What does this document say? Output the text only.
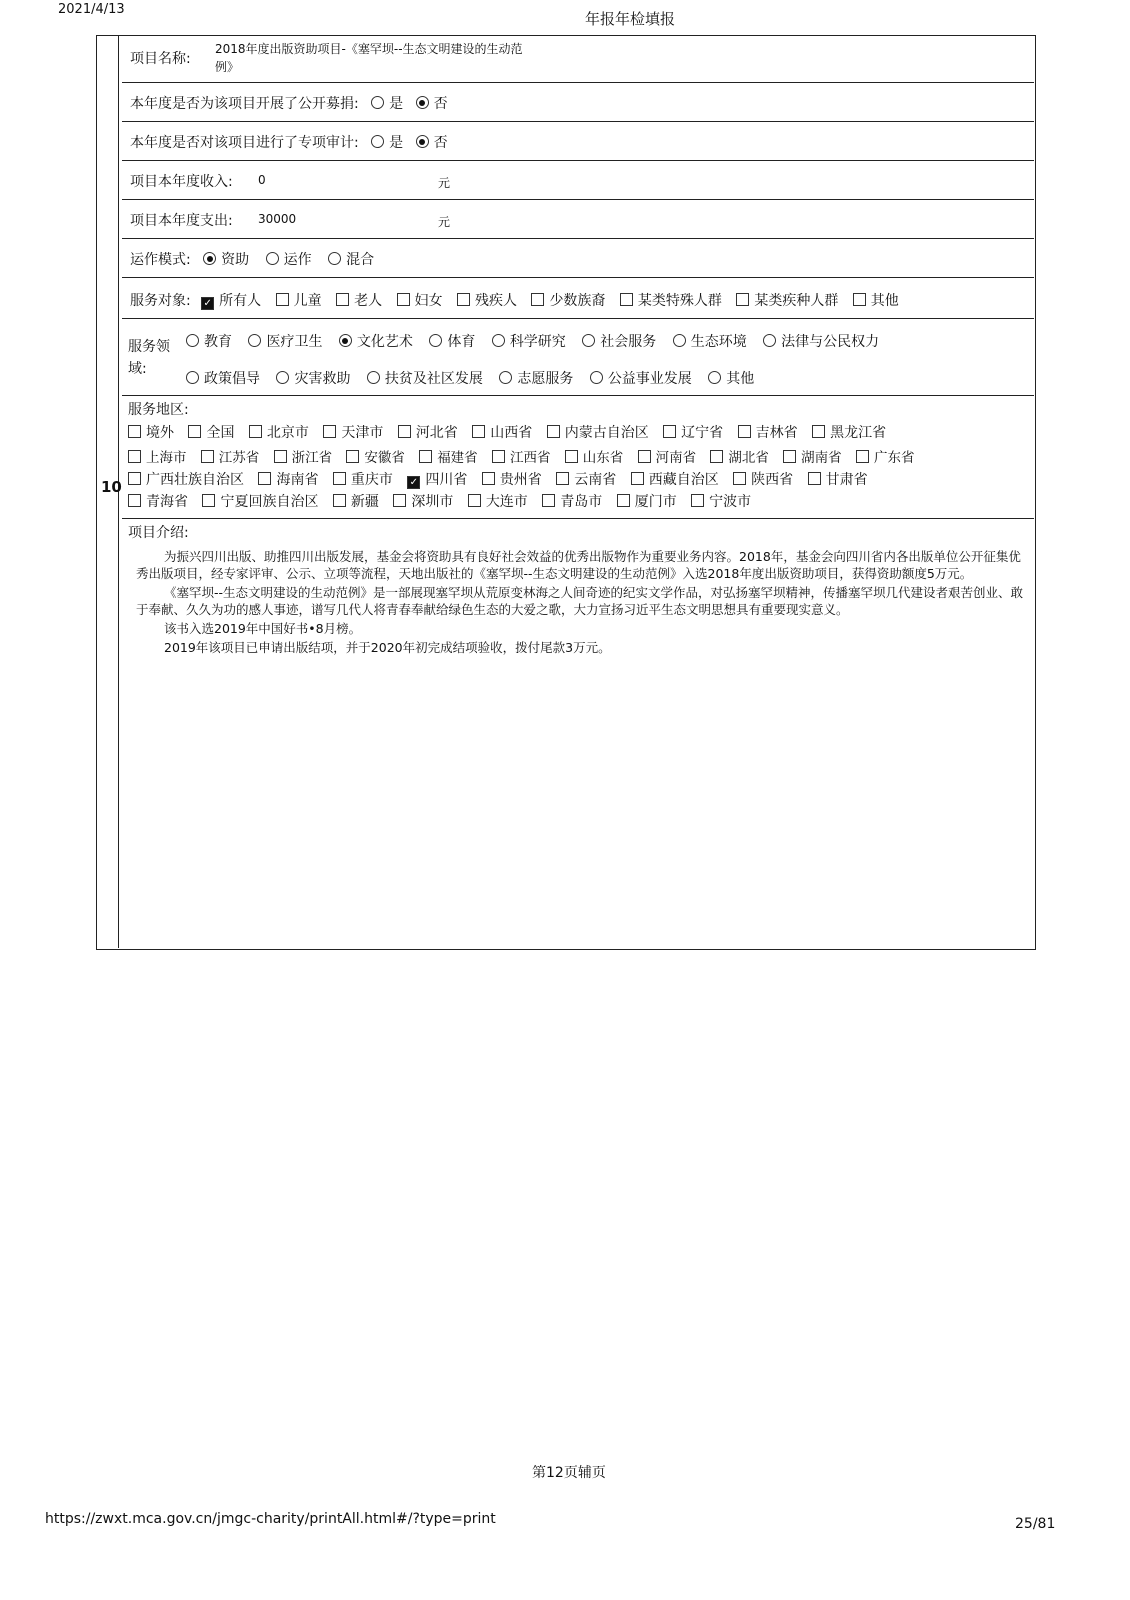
2021/4/13
年报年检填报
10
项目名称:
2018年度出版资助项目-《塞罕坝--生态文明建设的生动范
例》
本年度是否为该项目开展了公开募捐: 是 否
本年度是否对该项目进行了专项审计: 是 否
项目本年度收入: 0	元
项目本年度支出: 30000	元
运作模式: 资助 运作 混合
服务对象: ✓ 所有人 儿童 老人 妇女 残疾人 少数族裔 某类特殊人群 某类疾种人群 其他
服务领
域:
教育 医疗卫生 文化艺术 体育 科学研究 社会服务 生态环境 法律与公民权力
政策倡导 灾害救助 扶贫及社区发展 志愿服务 公益事业发展 其他
服务地区:
境外 全国 北京市 天津市 河北省 山西省 内蒙古自治区 辽宁省 吉林省 黑龙江省
上海市 江苏省 浙江省 安徽省 福建省 江西省 山东省 河南省 湖北省 湖南省 广东省
广西壮族自治区 海南省 重庆市 ✓ 四川省 贵州省 云南省 西藏自治区 陕西省 甘肃省
青海省 宁夏回族自治区 新疆 深圳市 大连市 青岛市 厦门市 宁波市
项目介绍:

为振兴四川出版、助推四川出版发展，基金会将资助具有良好社会效益的优秀出版物作为重要业务内容。2018年，基金会向四川省内各出版单位公开征集优秀出版项目，经专家评审、公示、立项等流程，天地出版社的《塞罕坝--生态文明建设的生动范例》入选2018年度出版资助项目，获得资助额度5万元。

《塞罕坝--生态文明建设的生动范例》是一部展现塞罕坝从荒原变林海之人间奇迹的纪实文学作品，对弘扬塞罕坝精神，传播塞罕坝几代建设者艰苦创业、敢于奉献、久久为功的感人事迹，谱写几代人将青春奉献给绿色生态的大爱之歌，大力宣扬习近平生态文明思想具有重要现实意义。

该书入选2019年中国好书•8月榜。

2019年该项目已申请出版结项，并于2020年初完成结项验收，拨付尾款3万元。

第12页辅页
https://zwxt.mca.gov.cn/jmgc-charity/printAll.html#/?type=print	25/81
